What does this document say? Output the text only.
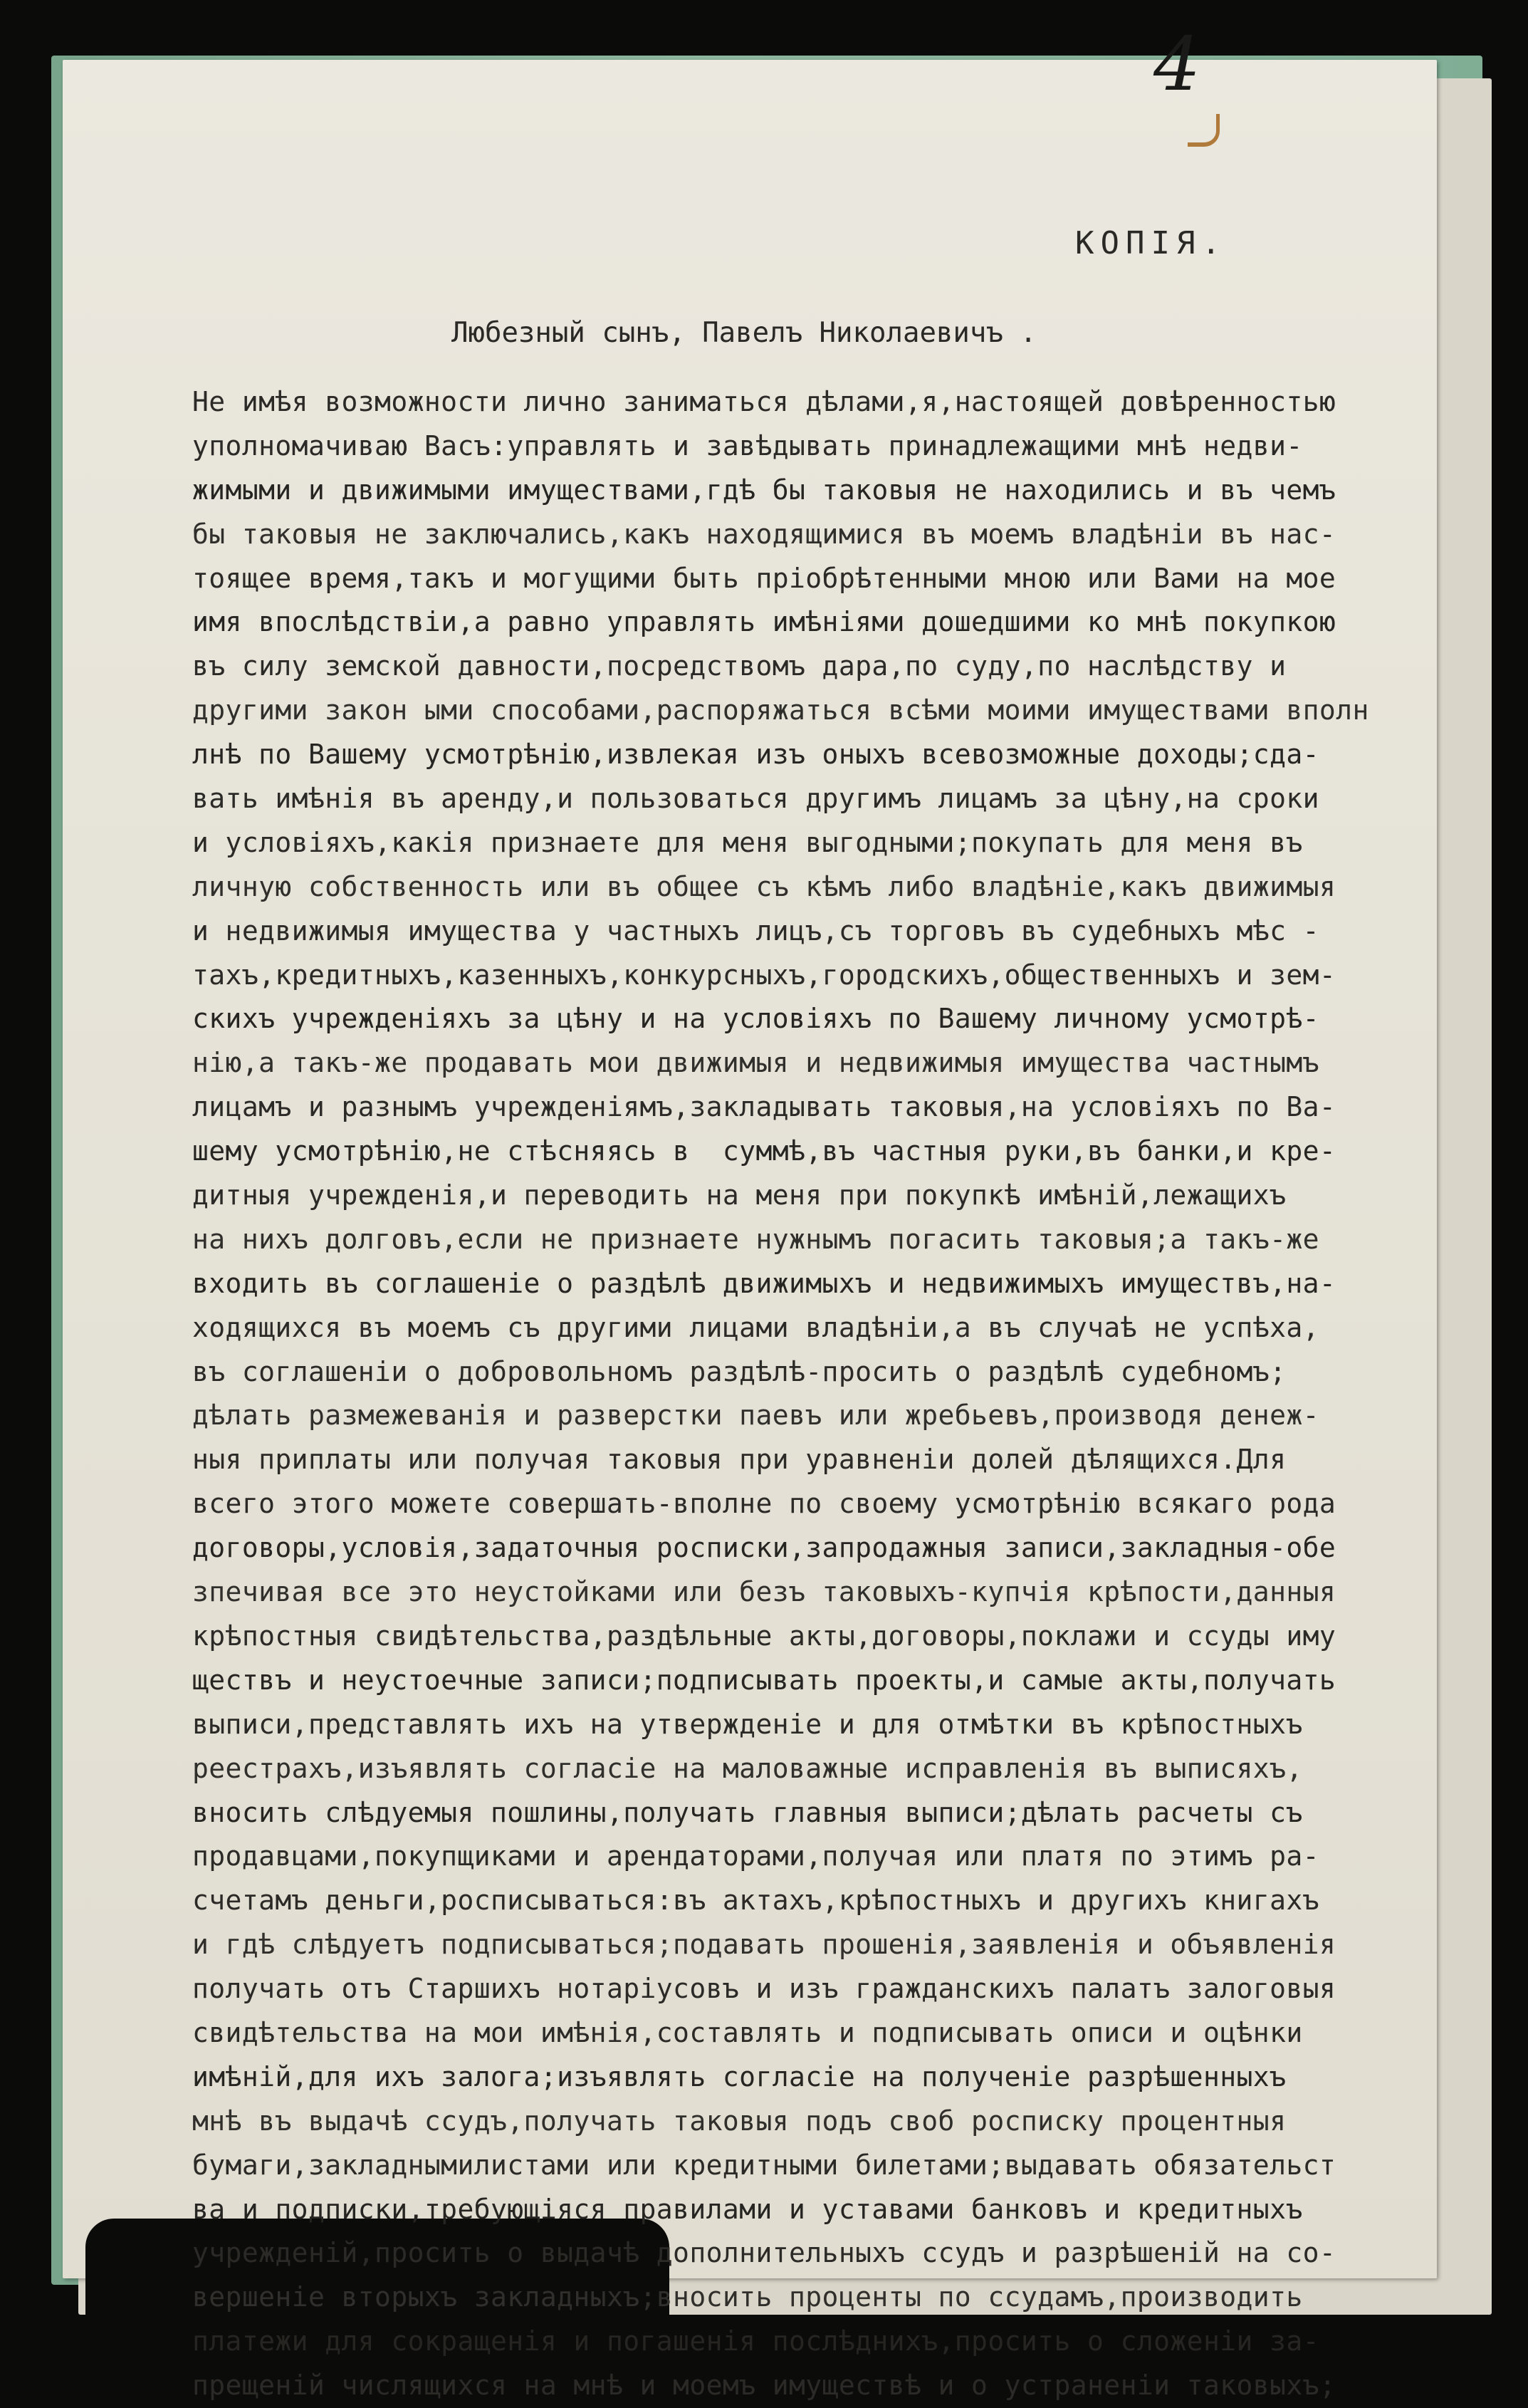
4
КОПІЯ.
Любезный сынъ, Павелъ Николаевичъ .
Не имѣя возможности лично заниматься дѣлами,я,настоящей довѣренностью
уполномачиваю Васъ:управлять и завѣдывать принадлежащими мнѣ недви-
жимыми и движимыми имуществами,гдѣ бы таковыя не находились и въ чемъ
бы таковыя не заключались,какъ находящимися въ моемъ владѣніи въ нас-
тоящее время,такъ и могущими быть пріобрѣтенными мною или Вами на мое
имя впослѣдствіи,а равно управлять имѣніями дошедшими ко мнѣ покупкою
въ силу земской давности,посредствомъ дара,по суду,по наслѣдству и
другими закон ыми способами,распоряжаться всѣми моими имуществами вполн
лнѣ по Вашему усмотрѣнію,извлекая изъ оныхъ всевозможные доходы;сда-
вать имѣнія въ аренду,и пользоваться другимъ лицамъ за цѣну,на сроки
и условіяхъ,какія признаете для меня выгодными;покупать для меня въ
личную собственность или въ общее съ кѣмъ либо владѣніе,какъ движимыя
и недвижимыя имущества у частныхъ лицъ,съ торговъ въ судебныхъ мѣс -
тахъ,кредитныхъ,казенныхъ,конкурсныхъ,городскихъ,общественныхъ и зем-
скихъ учрежденіяхъ за цѣну и на условіяхъ по Вашему личному усмотрѣ-
нію,а такъ-же продавать мои движимыя и недвижимыя имущества частнымъ
лицамъ и разнымъ учрежденіямъ,закладывать таковыя,на условіяхъ по Ва-
шему усмотрѣнію,не стѣсняясь в  суммѣ,въ частныя руки,въ банки,и кре-
дитныя учрежденія,и переводить на меня при покупкѣ имѣній,лежащихъ
на нихъ долговъ,если не признаете нужнымъ погасить таковыя;а такъ-же
входить въ соглашеніе о раздѣлѣ движимыхъ и недвижимыхъ имуществъ,на-
ходящихся въ моемъ съ другими лицами владѣніи,а въ случаѣ не успѣха,
въ соглашеніи о добровольномъ раздѣлѣ-просить о раздѣлѣ судебномъ;
дѣлать размежеванія и разверстки паевъ или жребьевъ,производя денеж-
ныя приплаты или получая таковыя при уравненіи долей дѣлящихся.Для
всего этого можете совершать-вполне по своему усмотрѣнію всякаго рода
договоры,условія,задаточныя росписки,запродажныя записи,закладныя-обе
зпечивая все это неустойками или безъ таковыхъ-купчія крѣпости,данныя
крѣпостныя свидѣтельства,раздѣльные акты,договоры,поклажи и ссуды иму
ществъ и неустоечные записи;подписывать проекты,и самые акты,получать
выписи,представлять ихъ на утвержденіе и для отмѣтки въ крѣпостныхъ
реестрахъ,изъявлять согласіе на маловажные исправленія въ выписяхъ,
вносить слѣдуемыя пошлины,получать главныя выписи;дѣлать расчеты съ
продавцами,покупщиками и арендаторами,получая или платя по этимъ ра-
счетамъ деньги,росписываться:въ актахъ,крѣпостныхъ и другихъ книгахъ
и гдѣ слѣдуетъ подписываться;подавать прошенія,заявленія и объявленія
получать отъ Старшихъ нотаріусовъ и изъ гражданскихъ палатъ залоговыя
свидѣтельства на мои имѣнія,составлять и подписывать описи и оцѣнки
имѣній,для ихъ залога;изъявлять согласіе на полученіе разрѣшенныхъ
мнѣ въ выдачѣ ссудъ,получать таковыя подъ своб росписку процентныя
бумаги,закладнымилистами или кредитными билетами;выдавать обязательст
ва и подписки,требующіяся правилами и уставами банковъ и кредитныхъ
учрежденій,просить о выдачѣ дополнительныхъ ссудъ и разрѣшеній на со-
вершеніе вторыхъ закладныхъ;вносить проценты по ссудамъ,производить
платежи для сокращенія и погашенія послѣднихъ,просить о сложеніи за-
прещеній числящихся на мнѣ и моемъ имуществѣ и о устраненіи таковыхъ;
